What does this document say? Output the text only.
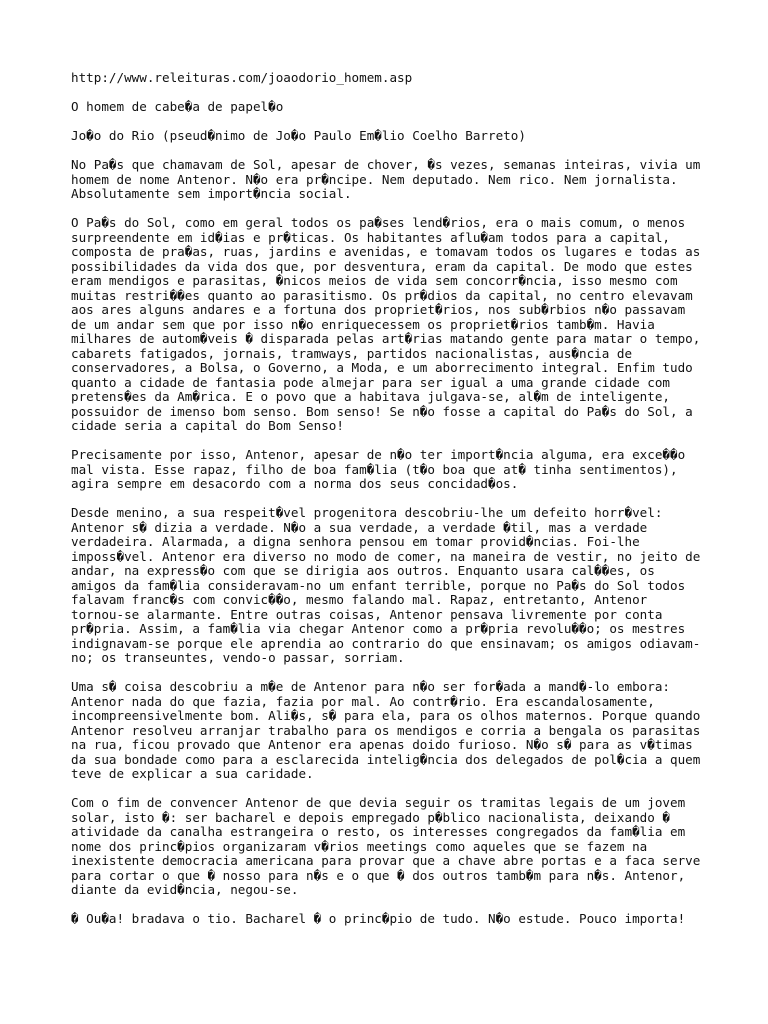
http://www.releituras.com/joaodorio_homem.asp

O homem de cabe�a de papel�o

Jo�o do Rio (pseud�nimo de Jo�o Paulo Em�lio Coelho Barreto)

No Pa�s que chamavam de Sol, apesar de chover, �s vezes, semanas inteiras, vivia um
homem de nome Antenor. N�o era pr�ncipe. Nem deputado. Nem rico. Nem jornalista.
Absolutamente sem import�ncia social.

O Pa�s do Sol, como em geral todos os pa�ses lend�rios, era o mais comum, o menos
surpreendente em id�ias e pr�ticas. Os habitantes aflu�am todos para a capital,
composta de pra�as, ruas, jardins e avenidas, e tomavam todos os lugares e todas as
possibilidades da vida dos que, por desventura, eram da capital. De modo que estes
eram mendigos e parasitas, �nicos meios de vida sem concorr�ncia, isso mesmo com
muitas restri��es quanto ao parasitismo. Os pr�dios da capital, no centro elevavam
aos ares alguns andares e a fortuna dos propriet�rios, nos sub�rbios n�o passavam
de um andar sem que por isso n�o enriquecessem os propriet�rios tamb�m. Havia
milhares de autom�veis � disparada pelas art�rias matando gente para matar o tempo,
cabarets fatigados, jornais, tramways, partidos nacionalistas, aus�ncia de
conservadores, a Bolsa, o Governo, a Moda, e um aborrecimento integral. Enfim tudo
quanto a cidade de fantasia pode almejar para ser igual a uma grande cidade com
pretens�es da Am�rica. E o povo que a habitava julgava-se, al�m de inteligente,
possuidor de imenso bom senso. Bom senso! Se n�o fosse a capital do Pa�s do Sol, a
cidade seria a capital do Bom Senso!

Precisamente por isso, Antenor, apesar de n�o ter import�ncia alguma, era exce��o
mal vista. Esse rapaz, filho de boa fam�lia (t�o boa que at� tinha sentimentos),
agira sempre em desacordo com a norma dos seus concidad�os.

Desde menino, a sua respeit�vel progenitora descobriu-lhe um defeito horr�vel:
Antenor s� dizia a verdade. N�o a sua verdade, a verdade �til, mas a verdade
verdadeira. Alarmada, a digna senhora pensou em tomar provid�ncias. Foi-lhe
imposs�vel. Antenor era diverso no modo de comer, na maneira de vestir, no jeito de
andar, na express�o com que se dirigia aos outros. Enquanto usara cal��es, os
amigos da fam�lia consideravam-no um enfant terrible, porque no Pa�s do Sol todos
falavam franc�s com convic��o, mesmo falando mal. Rapaz, entretanto, Antenor
tornou-se alarmante. Entre outras coisas, Antenor pensava livremente por conta
pr�pria. Assim, a fam�lia via chegar Antenor como a pr�pria revolu��o; os mestres
indignavam-se porque ele aprendia ao contrario do que ensinavam; os amigos odiavam-
no; os transeuntes, vendo-o passar, sorriam.

Uma s� coisa descobriu a m�e de Antenor para n�o ser for�ada a mand�-lo embora:
Antenor nada do que fazia, fazia por mal. Ao contr�rio. Era escandalosamente,
incompreensivelmente bom. Ali�s, s� para ela, para os olhos maternos. Porque quando
Antenor resolveu arranjar trabalho para os mendigos e corria a bengala os parasitas
na rua, ficou provado que Antenor era apenas doido furioso. N�o s� para as v�timas
da sua bondade como para a esclarecida intelig�ncia dos delegados de pol�cia a quem
teve de explicar a sua caridade.

Com o fim de convencer Antenor de que devia seguir os tramitas legais de um jovem
solar, isto �: ser bacharel e depois empregado p�blico nacionalista, deixando �
atividade da canalha estrangeira o resto, os interesses congregados da fam�lia em
nome dos princ�pios organizaram v�rios meetings como aqueles que se fazem na
inexistente democracia americana para provar que a chave abre portas e a faca serve
para cortar o que � nosso para n�s e o que � dos outros tamb�m para n�s. Antenor,
diante da evid�ncia, negou-se.

� Ou�a! bradava o tio. Bacharel � o princ�pio de tudo. N�o estude. Pouco importa!
